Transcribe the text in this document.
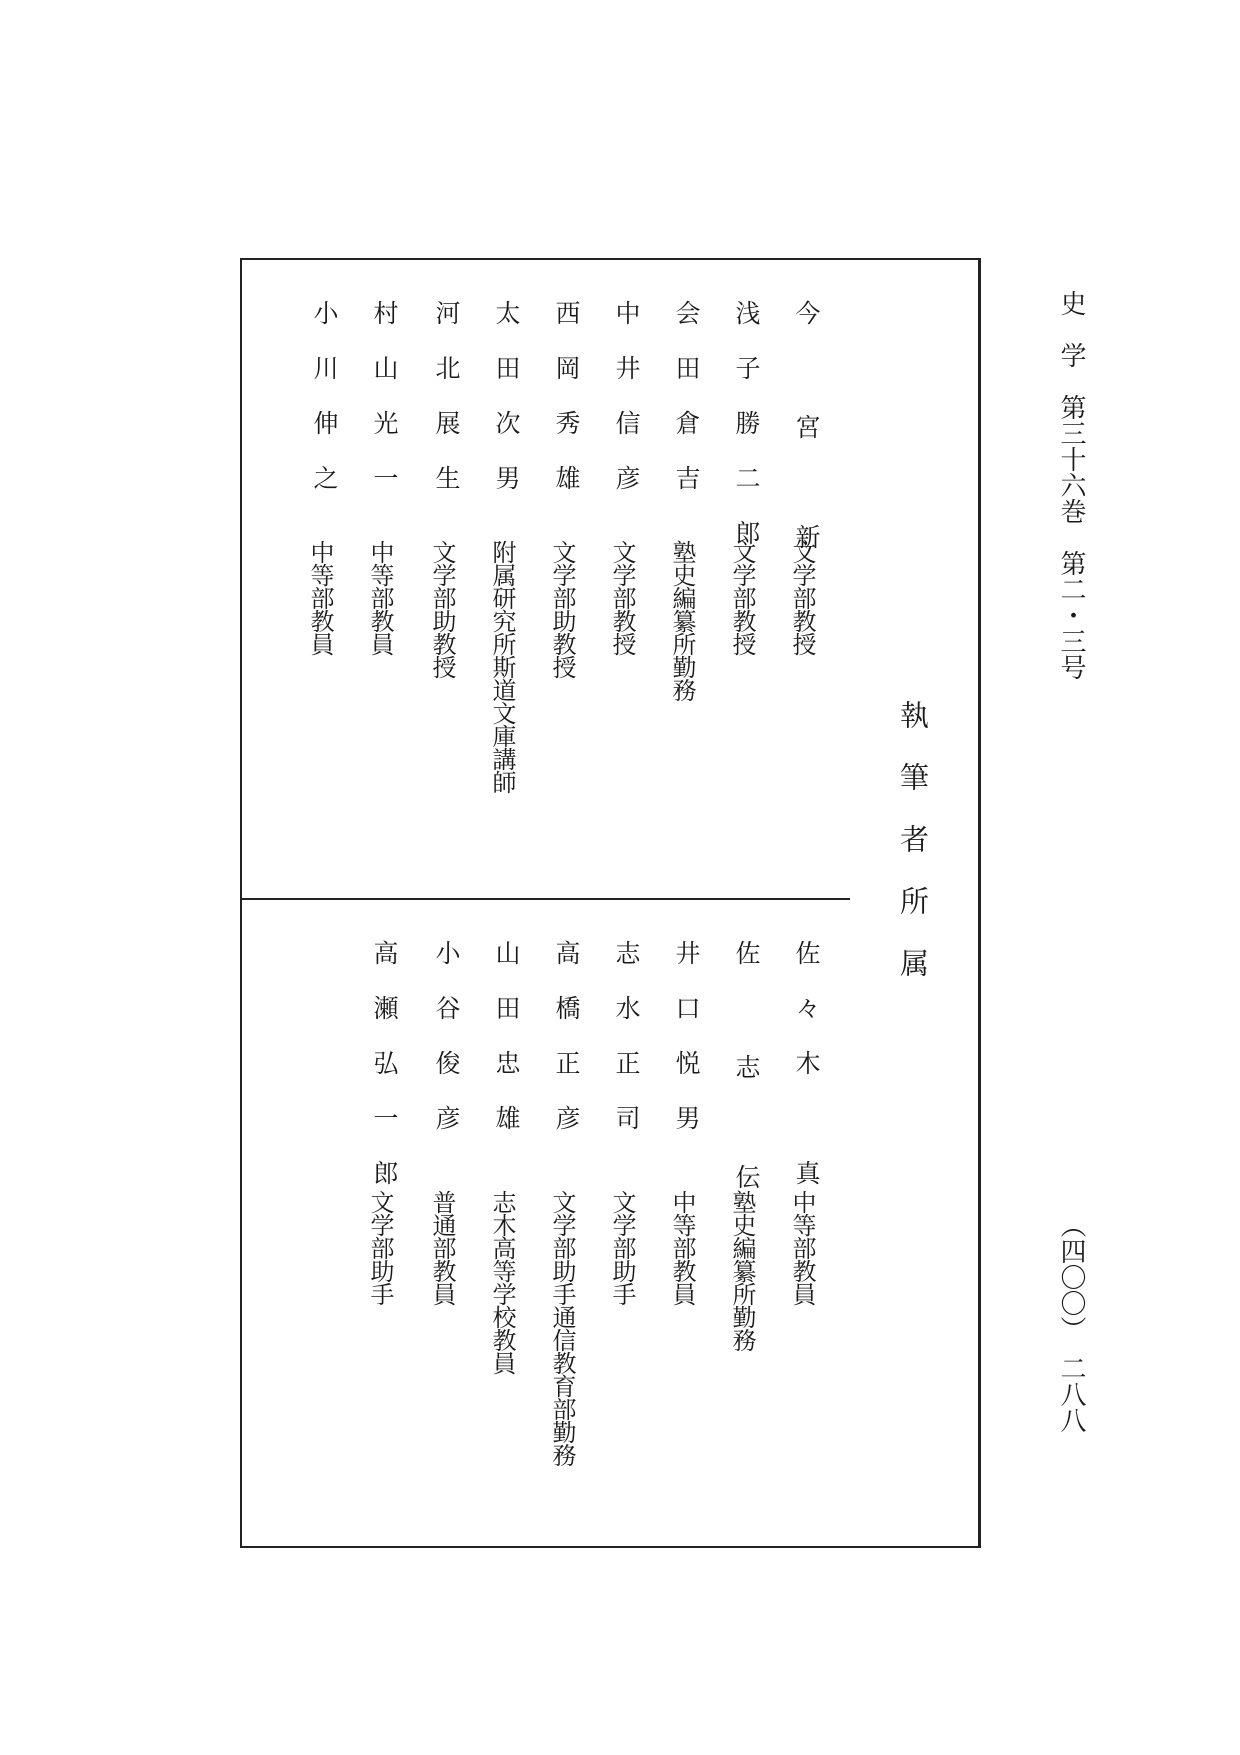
史　学　第三十六巻　第二・三号
（四〇〇）　二八八
執筆者所属
今 宮　新
浅子勝二郎
会田倉吉
中井信彦
西岡秀雄
太田次男
河北展生
村山光一
小川伸之
文学部教授
文学部教授
塾史編纂所勤務
文学部教授
文学部助教授
附属研究所斯道文庫講師
文学部助教授
中等部教員
中等部教員
佐々木　真
佐 志　伝
井口悦男
志水正司
高橋正彦
山田忠雄
小谷俊彦
高瀬弘一郎
中等部教員
塾史編纂所勤務
中等部教員
文学部助手
文学部助手通信教育部勤務
志木高等学校教員
普通部教員
文学部助手
